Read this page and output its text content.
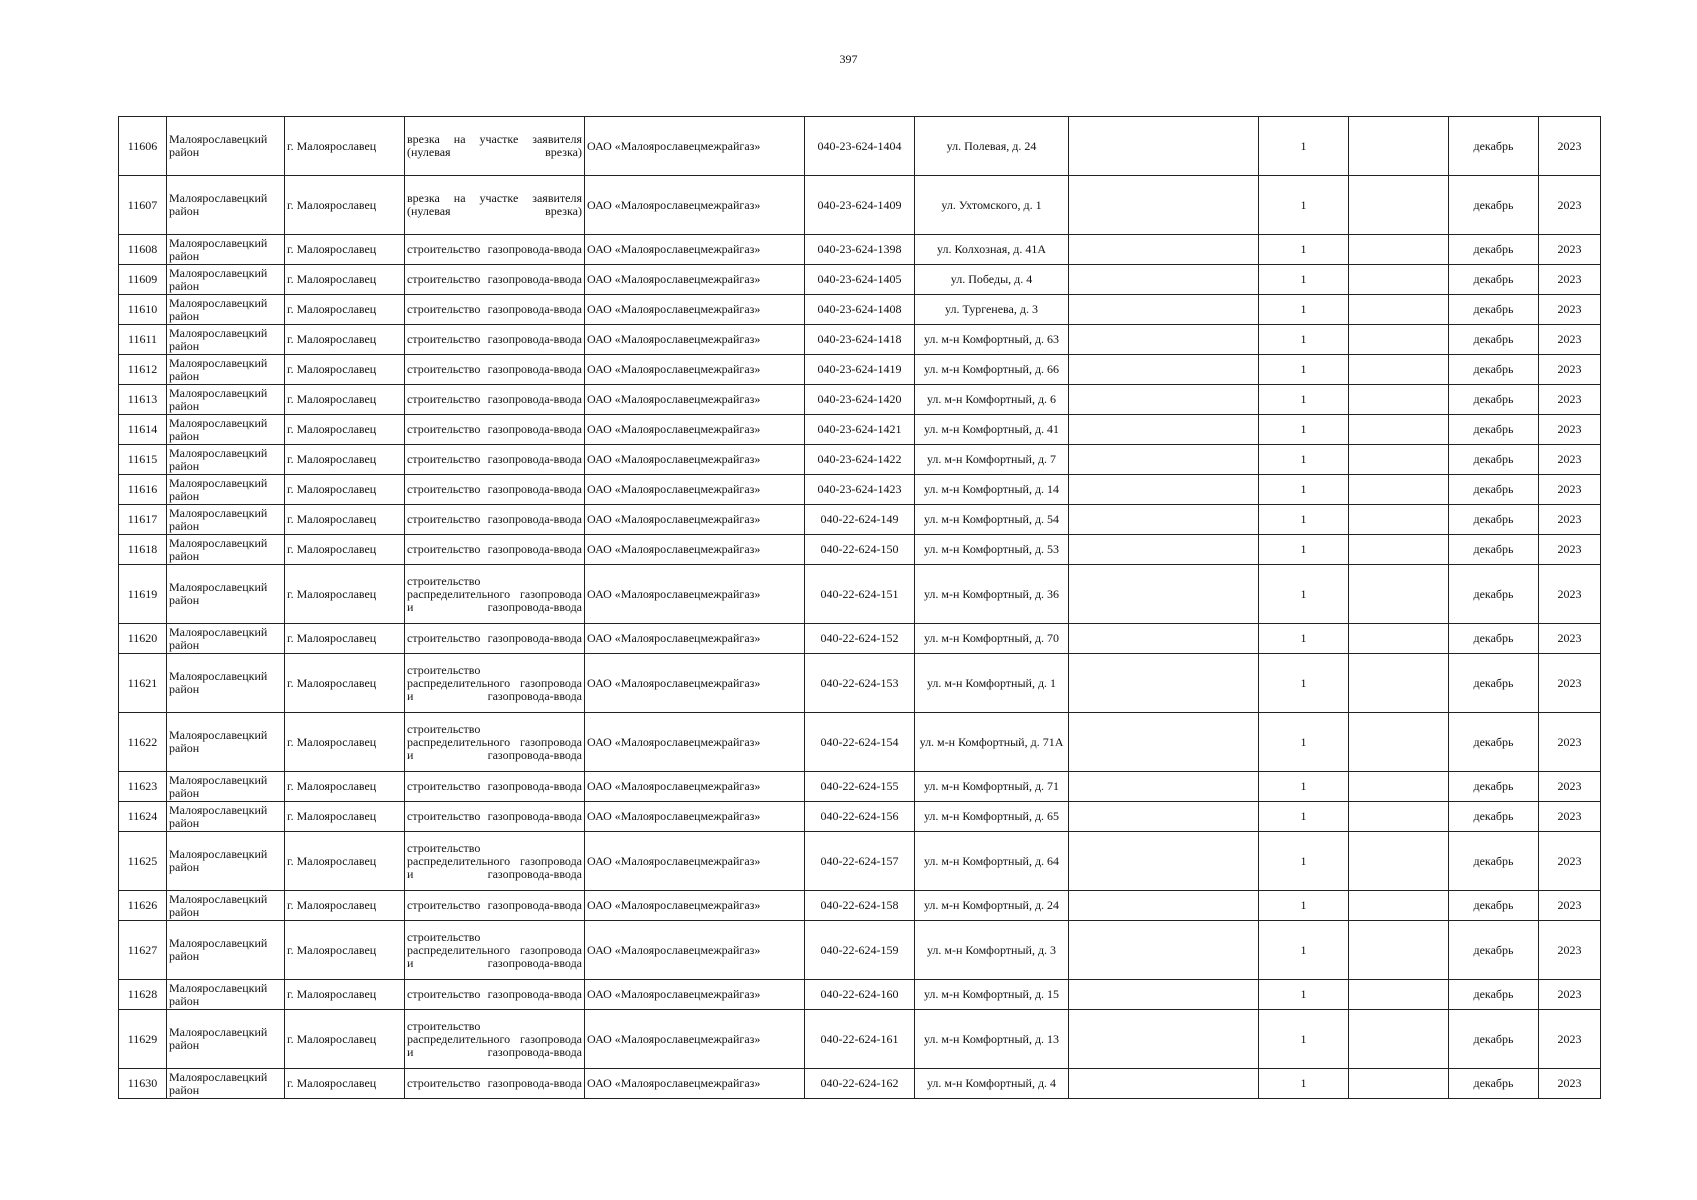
397
11606	Малоярославецкий район	г. Малоярославец	врезка на участке заявителя (нулевая врезка)	ОАО «Малоярославецмежрайгаз»	040-23-624-1404	ул. Полевая, д. 24		1		декабрь	2023
11607	Малоярославецкий район	г. Малоярославец	врезка на участке заявителя (нулевая врезка)	ОАО «Малоярославецмежрайгаз»	040-23-624-1409	ул. Ухтомского, д. 1		1		декабрь	2023
11608	Малоярославецкий район	г. Малоярославец	строительство газопровода-ввода	ОАО «Малоярославецмежрайгаз»	040-23-624-1398	ул. Колхозная, д. 41А		1		декабрь	2023
11609	Малоярославецкий район	г. Малоярославец	строительство газопровода-ввода	ОАО «Малоярославецмежрайгаз»	040-23-624-1405	ул. Победы, д. 4		1		декабрь	2023
11610	Малоярославецкий район	г. Малоярославец	строительство газопровода-ввода	ОАО «Малоярославецмежрайгаз»	040-23-624-1408	ул. Тургенева, д. 3		1		декабрь	2023
11611	Малоярославецкий район	г. Малоярославец	строительство газопровода-ввода	ОАО «Малоярославецмежрайгаз»	040-23-624-1418	ул. м-н Комфортный, д. 63		1		декабрь	2023
11612	Малоярославецкий район	г. Малоярославец	строительство газопровода-ввода	ОАО «Малоярославецмежрайгаз»	040-23-624-1419	ул. м-н Комфортный, д. 66		1		декабрь	2023
11613	Малоярославецкий район	г. Малоярославец	строительство газопровода-ввода	ОАО «Малоярославецмежрайгаз»	040-23-624-1420	ул. м-н Комфортный, д. 6		1		декабрь	2023
11614	Малоярославецкий район	г. Малоярославец	строительство газопровода-ввода	ОАО «Малоярославецмежрайгаз»	040-23-624-1421	ул. м-н Комфортный, д. 41		1		декабрь	2023
11615	Малоярославецкий район	г. Малоярославец	строительство газопровода-ввода	ОАО «Малоярославецмежрайгаз»	040-23-624-1422	ул. м-н Комфортный, д. 7		1		декабрь	2023
11616	Малоярославецкий район	г. Малоярославец	строительство газопровода-ввода	ОАО «Малоярославецмежрайгаз»	040-23-624-1423	ул. м-н Комфортный, д. 14		1		декабрь	2023
11617	Малоярославецкий район	г. Малоярославец	строительство газопровода-ввода	ОАО «Малоярославецмежрайгаз»	040-22-624-149	ул. м-н Комфортный, д. 54		1		декабрь	2023
11618	Малоярославецкий район	г. Малоярославец	строительство газопровода-ввода	ОАО «Малоярославецмежрайгаз»	040-22-624-150	ул. м-н Комфортный, д. 53		1		декабрь	2023
11619	Малоярославецкий район	г. Малоярославец	строительство распределительного газопровода и газопровода-ввода	ОАО «Малоярославецмежрайгаз»	040-22-624-151	ул. м-н Комфортный, д. 36		1		декабрь	2023
11620	Малоярославецкий район	г. Малоярославец	строительство газопровода-ввода	ОАО «Малоярославецмежрайгаз»	040-22-624-152	ул. м-н Комфортный, д. 70		1		декабрь	2023
11621	Малоярославецкий район	г. Малоярославец	строительство распределительного газопровода и газопровода-ввода	ОАО «Малоярославецмежрайгаз»	040-22-624-153	ул. м-н Комфортный, д. 1		1		декабрь	2023
11622	Малоярославецкий район	г. Малоярославец	строительство распределительного газопровода и газопровода-ввода	ОАО «Малоярославецмежрайгаз»	040-22-624-154	ул. м-н Комфортный, д. 71А		1		декабрь	2023
11623	Малоярославецкий район	г. Малоярославец	строительство газопровода-ввода	ОАО «Малоярославецмежрайгаз»	040-22-624-155	ул. м-н Комфортный, д. 71		1		декабрь	2023
11624	Малоярославецкий район	г. Малоярославец	строительство газопровода-ввода	ОАО «Малоярославецмежрайгаз»	040-22-624-156	ул. м-н Комфортный, д. 65		1		декабрь	2023
11625	Малоярославецкий район	г. Малоярославец	строительство распределительного газопровода и газопровода-ввода	ОАО «Малоярославецмежрайгаз»	040-22-624-157	ул. м-н Комфортный, д. 64		1		декабрь	2023
11626	Малоярославецкий район	г. Малоярославец	строительство газопровода-ввода	ОАО «Малоярославецмежрайгаз»	040-22-624-158	ул. м-н Комфортный, д. 24		1		декабрь	2023
11627	Малоярославецкий район	г. Малоярославец	строительство распределительного газопровода и газопровода-ввода	ОАО «Малоярославецмежрайгаз»	040-22-624-159	ул. м-н Комфортный, д. 3		1		декабрь	2023
11628	Малоярославецкий район	г. Малоярославец	строительство газопровода-ввода	ОАО «Малоярославецмежрайгаз»	040-22-624-160	ул. м-н Комфортный, д. 15		1		декабрь	2023
11629	Малоярославецкий район	г. Малоярославец	строительство распределительного газопровода и газопровода-ввода	ОАО «Малоярославецмежрайгаз»	040-22-624-161	ул. м-н Комфортный, д. 13		1		декабрь	2023
11630	Малоярославецкий район	г. Малоярославец	строительство газопровода-ввода	ОАО «Малоярославецмежрайгаз»	040-22-624-162	ул. м-н Комфортный, д. 4		1		декабрь	2023
